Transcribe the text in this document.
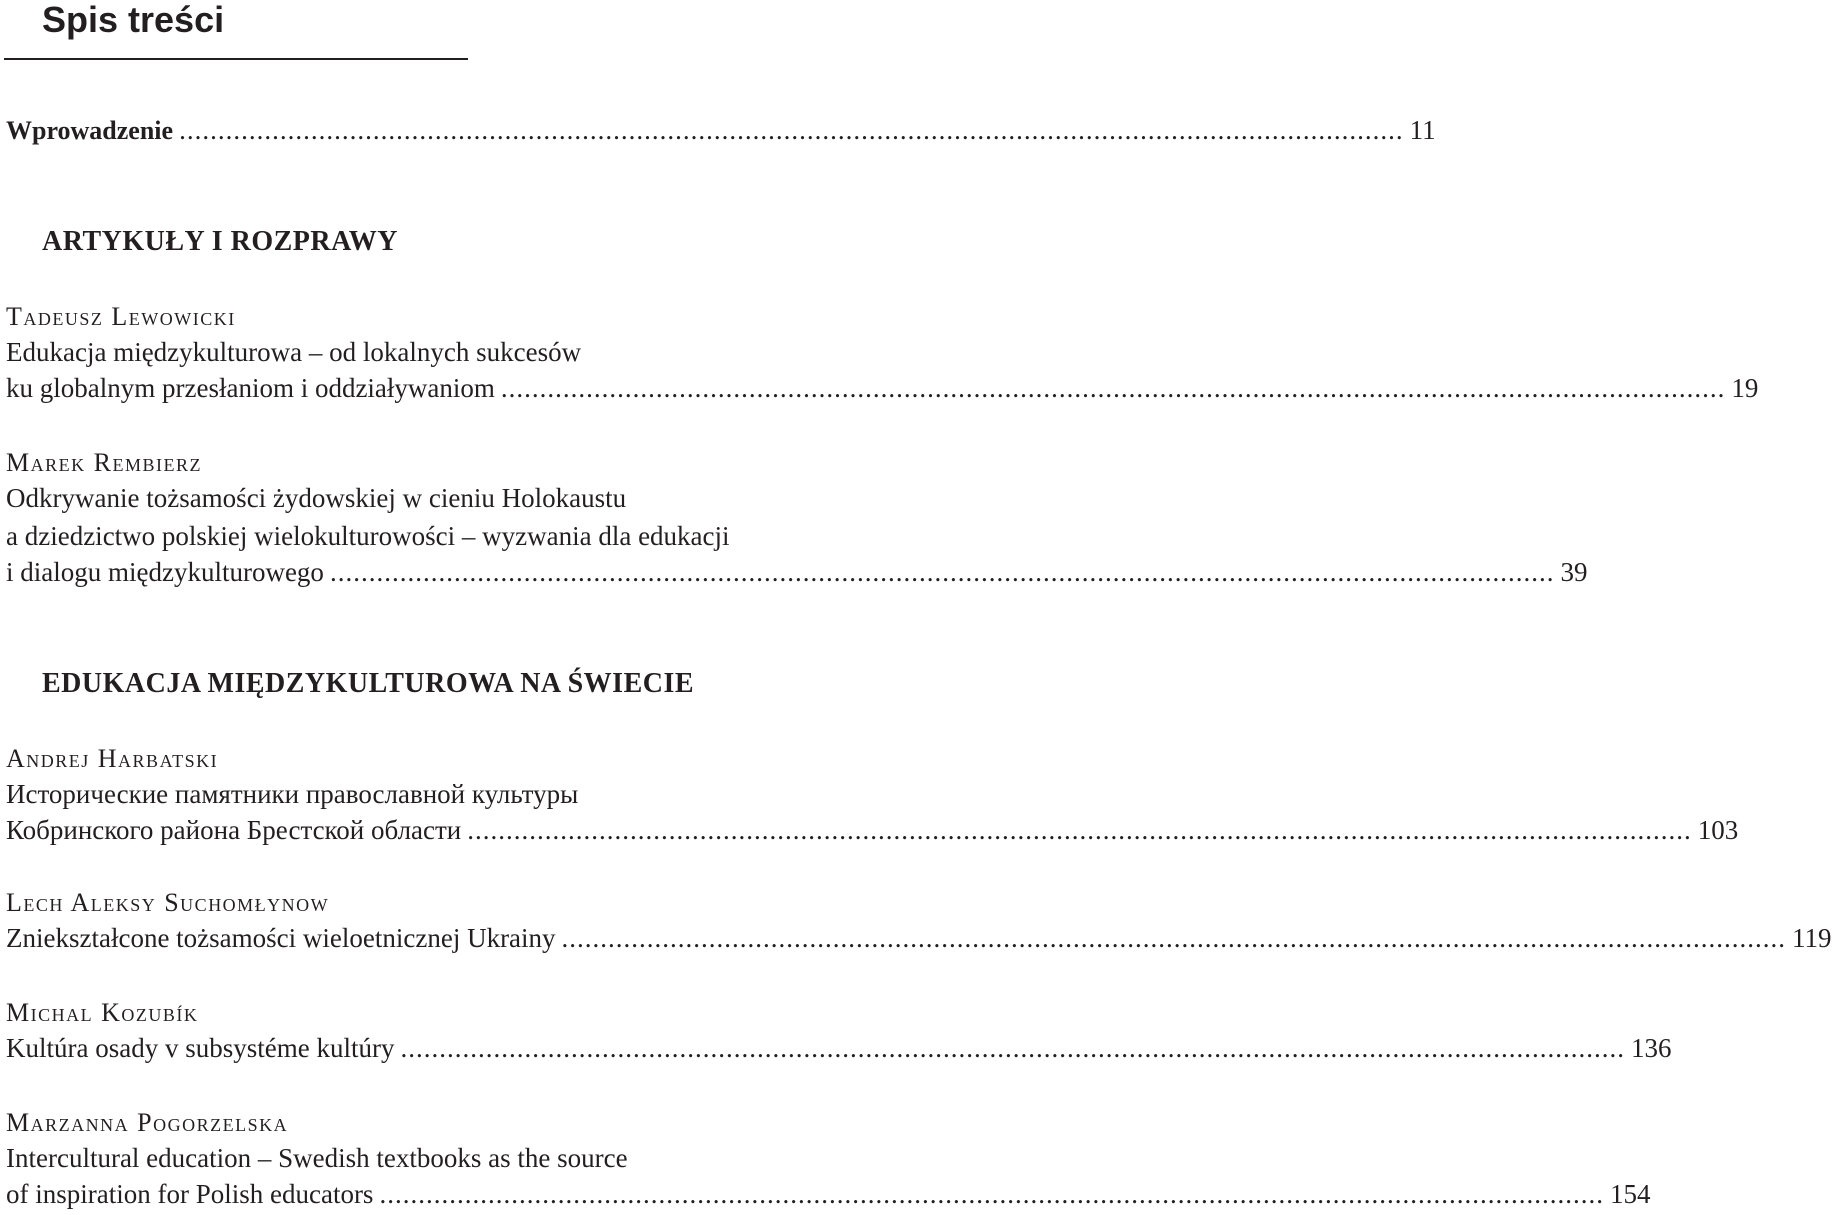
Spis treści
Wprowadzenie .............................................................................................................................................................. 11
ARTYKUŁY I ROZPRAWY
Tadeusz Lewowicki
Edukacja międzykulturowa – od lokalnych sukcesów
ku globalnym przesłaniom i oddziaływaniom .............................................................................................................................................................. 19
Marek Rembierz
Odkrywanie tożsamości żydowskiej w cieniu Holokaustu
a dziedzictwo polskiej wielokulturowości – wyzwania dla edukacji
i dialogu międzykulturowego .............................................................................................................................................................. 39
EDUKACJA MIĘDZYKULTUROWA NA ŚWIECIE
Andrej Harbatski
Исторические памятники православной культуры
Кобринского района Брестской области .............................................................................................................................................................. 103
Lech Aleksy Suchomłynow
Zniekształcone tożsamości wieloetnicznej Ukrainy .............................................................................................................................................................. 119
Michal Kozubík
Kultúra osady v subsystéme kultúry .............................................................................................................................................................. 136
Marzanna Pogorzelska
Intercultural education – Swedish textbooks as the source
of inspiration for Polish educators .............................................................................................................................................................. 154
